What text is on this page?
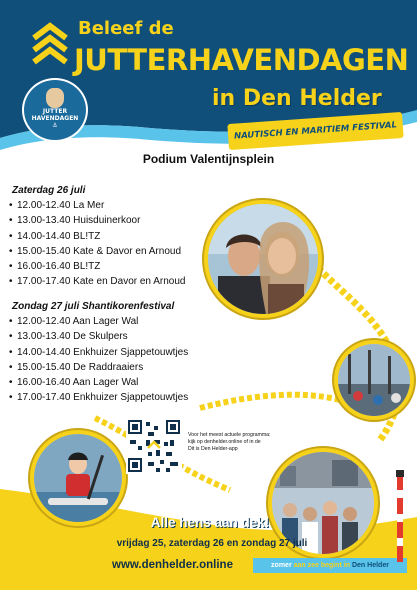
Beleef de
JUTTERHAVENDAGEN
in Den Helder
NAUTISCH EN MARITIEM FESTIVAL
JUTTER
HAVENDAGEN
⚓
Podium Valentijnsplein
Zaterdag 26 juli
• 12.00-12.40 La Mer
• 13.00-13.40 Huisduinerkoor
• 14.00-14.40 BL!TZ
• 15.00-15.40 Kate & Davor en Arnoud
• 16.00-16.40 BL!TZ
• 17.00-17.40 Kate en Davor en Arnoud
Zondag 27 juli Shantikorenfestival
• 12.00-12.40 Aan Lager Wal
• 13.00-13.40 De Skulpers
• 14.00-14.40 Enkhuizer Sjappetouwtjes
• 15.00-15.40 De Raddraaiers
• 16.00-16.40 Aan Lager Wal
• 17.00-17.40 Enkhuizer Sjappetouwtjes
Voor het meest actuele programma:
kijk op denhelder.online of in de
Dit is Den Helder-app
Alle hens aan dek!
vrijdag 25, zaterdag 26 en zondag 27 juli
www.denhelder.online	zomer
aan zee begint in
Den Helder
